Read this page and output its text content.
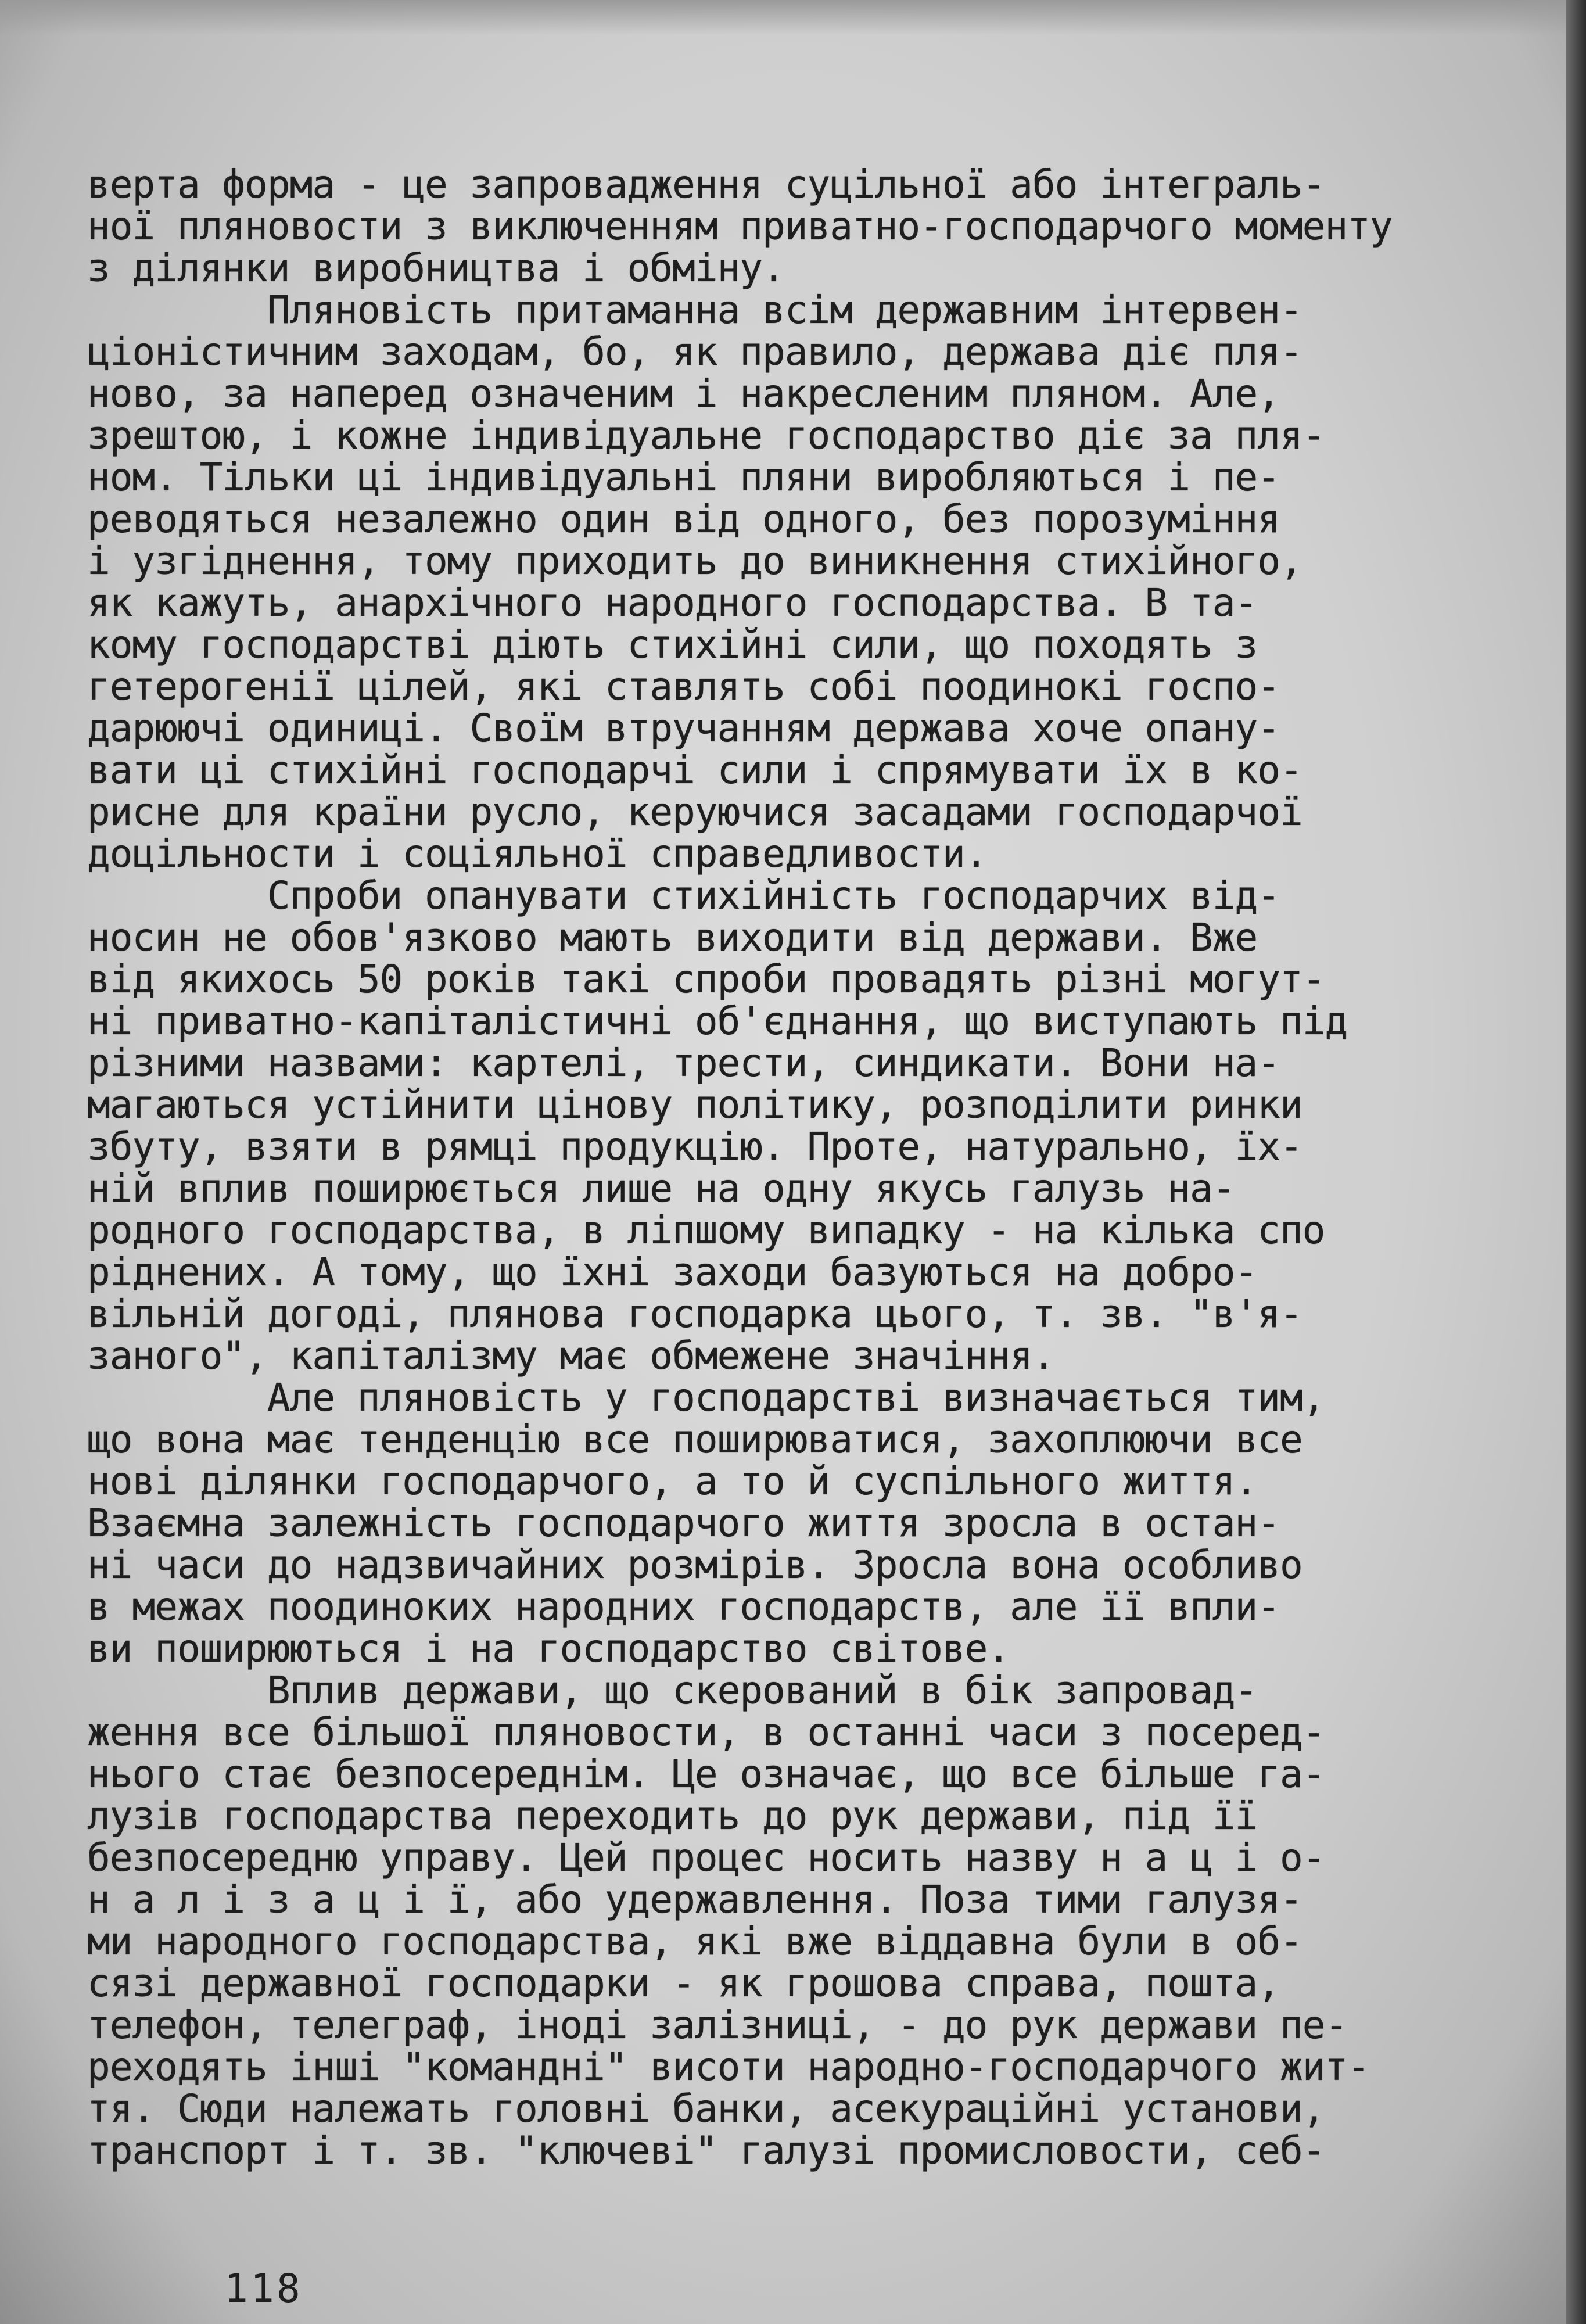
верта форма - це запровадження суцільної або інтеграль-
ної пляновости з виключенням приватно-господарчого моменту
з ділянки виробництва і обміну.
Пляновість притаманна всім державним інтервен-
ціоністичним заходам, бо, як правило, держава діє пля-
ново, за наперед означеним і накресленим пляном. Але,
зрештою, і кожне індивідуальне господарство діє за пля-
ном. Тільки ці індивідуальні пляни виробляються і пе-
реводяться незалежно один від одного, без порозуміння
і узгіднення, тому приходить до виникнення стихійного,
як кажуть, анархічного народного господарства. В та-
кому господарстві діють стихійні сили, що походять з
гетерогенії цілей, які ставлять собі поодинокі госпо-
дарюючі одиниці. Своїм втручанням держава хоче опану-
вати ці стихійні господарчі сили і спрямувати їх в ко-
рисне для країни русло, керуючися засадами господарчої
доцільности і соціяльної справедливости.
Спроби опанувати стихійність господарчих від-
носин не обов'язково мають виходити від держави. Вже
від якихось 50 років такі спроби провадять різні могут-
ні приватно-капіталістичні об'єднання, що виступають під
різними назвами: картелі, трести, синдикати. Вони на-
магаються устійнити цінову політику, розподілити ринки
збуту, взяти в рямці продукцію. Проте, натурально, їх-
ній вплив поширюється лише на одну якусь галузь на-
родного господарства, в ліпшому випадку - на кілька спо
ріднених. А тому, що їхні заходи базуються на добро-
вільній догоді, плянова господарка цього, т. зв. "в'я-
заного", капіталізму має обмежене значіння.
Але пляновість у господарстві визначається тим,
що вона має тенденцію все поширюватися, захоплюючи все
нові ділянки господарчого, а то й суспільного життя.
Взаємна залежність господарчого життя зросла в остан-
ні часи до надзвичайних розмірів. Зросла вона особливо
в межах поодиноких народних господарств, але її впли-
ви поширюються і на господарство світове.
Вплив держави, що скерований в бік запровад-
ження все більшої пляновости, в останні часи з посеред-
нього стає безпосереднім. Це означає, що все більше га-
лузів господарства переходить до рук держави, під її
безпосередню управу. Цей процес носить назву н а ц і о-
н а л і з а ц і ї, або удержавлення. Поза тими галузя-
ми народного господарства, які вже віддавна були в об-
сязі державної господарки - як грошова справа, пошта,
телефон, телеграф, іноді залізниці, - до рук держави пе-
реходять інші "командні" висоти народно-господарчого жит-
тя. Сюди належать головні банки, асекураційні установи,
транспорт і т. зв. "ключеві" галузі промисловости, себ-
118
